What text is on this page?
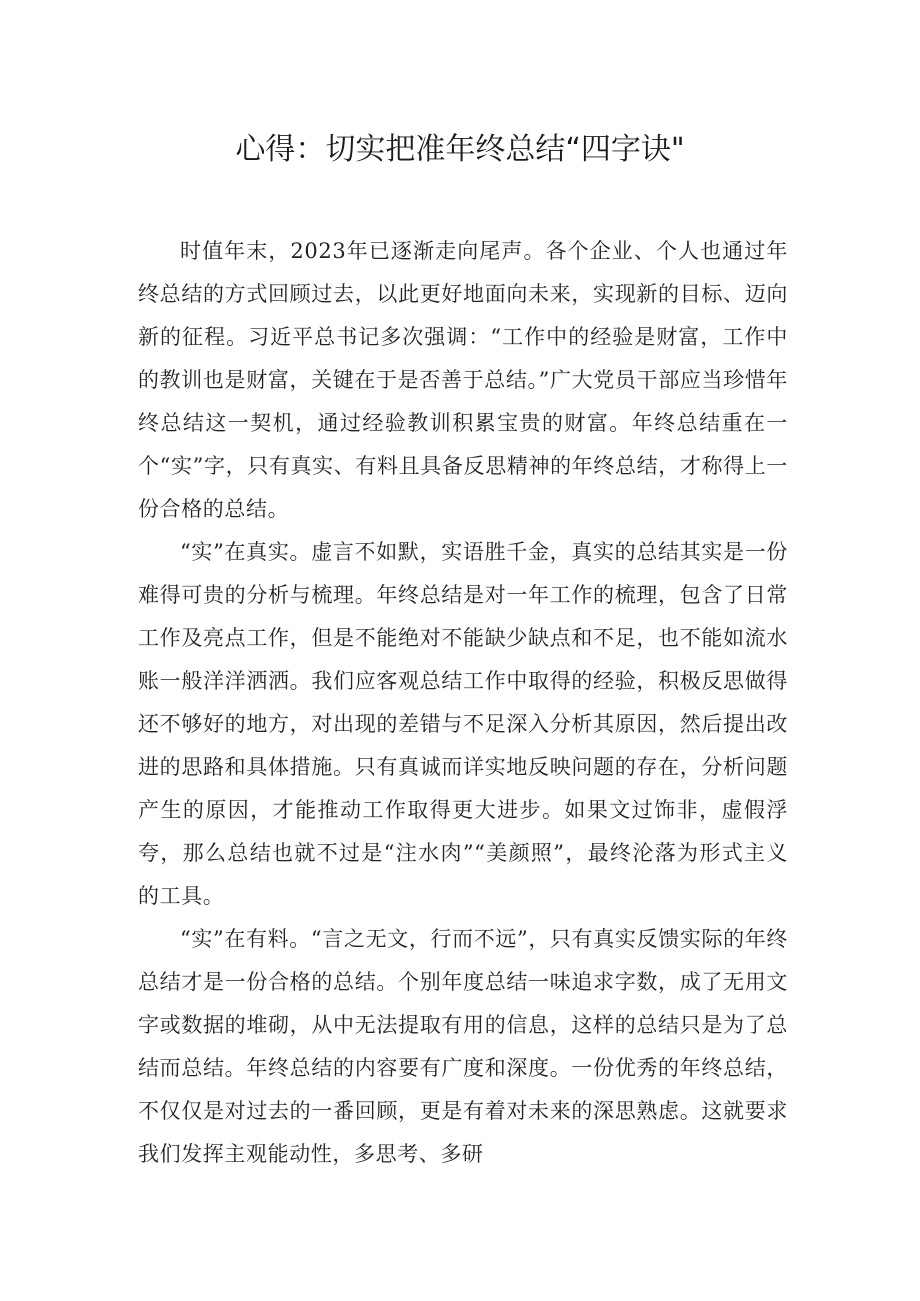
心得：切实把准年终总结“四字诀"

时值年末，2023年已逐渐走向尾声。各个企业、个人也通过年终总结的方式回顾过去，以此更好地面向未来，实现新的目标、迈向新的征程。习近平总书记多次强调：“工作中的经验是财富，工作中的教训也是财富，关键在于是否善于总结。”广大党员干部应当珍惜年终总结这一契机，通过经验教训积累宝贵的财富。年终总结重在一个“实”字，只有真实、有料且具备反思精神的年终总结，才称得上一份合格的总结。

“实”在真实。虚言不如默，实语胜千金，真实的总结其实是一份难得可贵的分析与梳理。年终总结是对一年工作的梳理，包含了日常工作及亮点工作，但是不能绝对不能缺少缺点和不足，也不能如流水账一般洋洋洒洒。我们应客观总结工作中取得的经验，积极反思做得还不够好的地方，对出现的差错与不足深入分析其原因，然后提出改进的思路和具体措施。只有真诚而详实地反映问题的存在，分析问题产生的原因，才能推动工作取得更大进步。如果文过饰非，虚假浮夸，那么总结也就不过是“注水肉”“美颜照”，最终沦落为形式主义的工具。

“实”在有料。“言之无文，行而不远”，只有真实反馈实际的年终总结才是一份合格的总结。个别年度总结一味追求字数，成了无用文字或数据的堆砌，从中无法提取有用的信息，这样的总结只是为了总结而总结。年终总结的内容要有广度和深度。一份优秀的年终总结，不仅仅是对过去的一番回顾，更是有着对未来的深思熟虑。这就要求我们发挥主观能动性，多思考、多研
